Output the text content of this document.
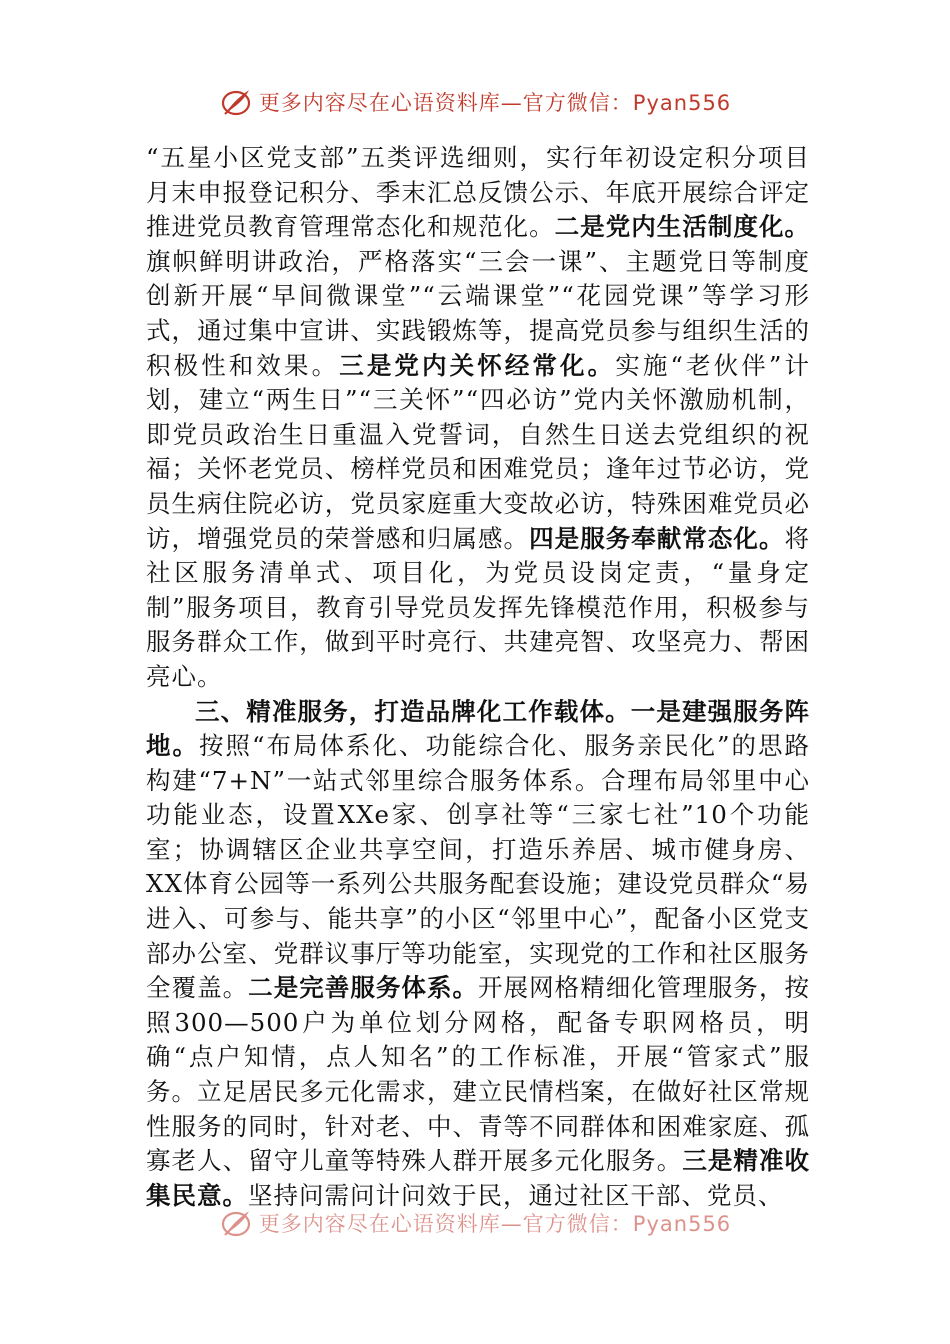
更多内容尽在心语资料库—官方微信：Pyan556

“五星小区党支部”五类评选细则，实行年初设定积分项目月末申报登记积分、季末汇总反馈公示、年底开展综合评定推进党员教育管理常态化和规范化。二是党内生活制度化。旗帜鲜明讲政治，严格落实“三会一课”、主题党日等制度创新开展“早间微课堂”“云端课堂”“花园党课”等学习形式，通过集中宣讲、实践锻炼等，提高党员参与组织生活的积极性和效果。三是党内关怀经常化。实施“老伙伴”计划，建立“两生日”“三关怀”“四必访”党内关怀激励机制，即党员政治生日重温入党誓词，自然生日送去党组织的祝福；关怀老党员、榜样党员和困难党员；逢年过节必访，党员生病住院必访，党员家庭重大变故必访，特殊困难党员必访，增强党员的荣誉感和归属感。四是服务奉献常态化。将社区服务清单式、项目化，为党员设岗定责，“量身定制”服务项目，教育引导党员发挥先锋模范作用，积极参与服务群众工作，做到平时亮行、共建亮智、攻坚亮力、帮困亮心。

三、精准服务，打造品牌化工作载体。一是建强服务阵地。按照“布局体系化、功能综合化、服务亲民化”的思路构建“7+N”一站式邻里综合服务体系。合理布局邻里中心功能业态，设置XXe家、创享社等“三家七社”10个功能室；协调辖区企业共享空间，打造乐养居、城市健身房、XX体育公园等一系列公共服务配套设施；建设党员群众“易进入、可参与、能共享”的小区“邻里中心”，配备小区党支部办公室、党群议事厅等功能室，实现党的工作和社区服务全覆盖。二是完善服务体系。开展网格精细化管理服务，按照300—500户为单位划分网格，配备专职网格员，明确“点户知情，点人知名”的工作标准，开展“管家式”服务。立足居民多元化需求，建立民情档案，在做好社区常规性服务的同时，针对老、中、青等不同群体和困难家庭、孤寡老人、留守儿童等特殊人群开展多元化服务。三是精准收集民意。坚持问需问计问效于民，通过社区干部、党员、

更多内容尽在心语资料库—官方微信：Pyan556
